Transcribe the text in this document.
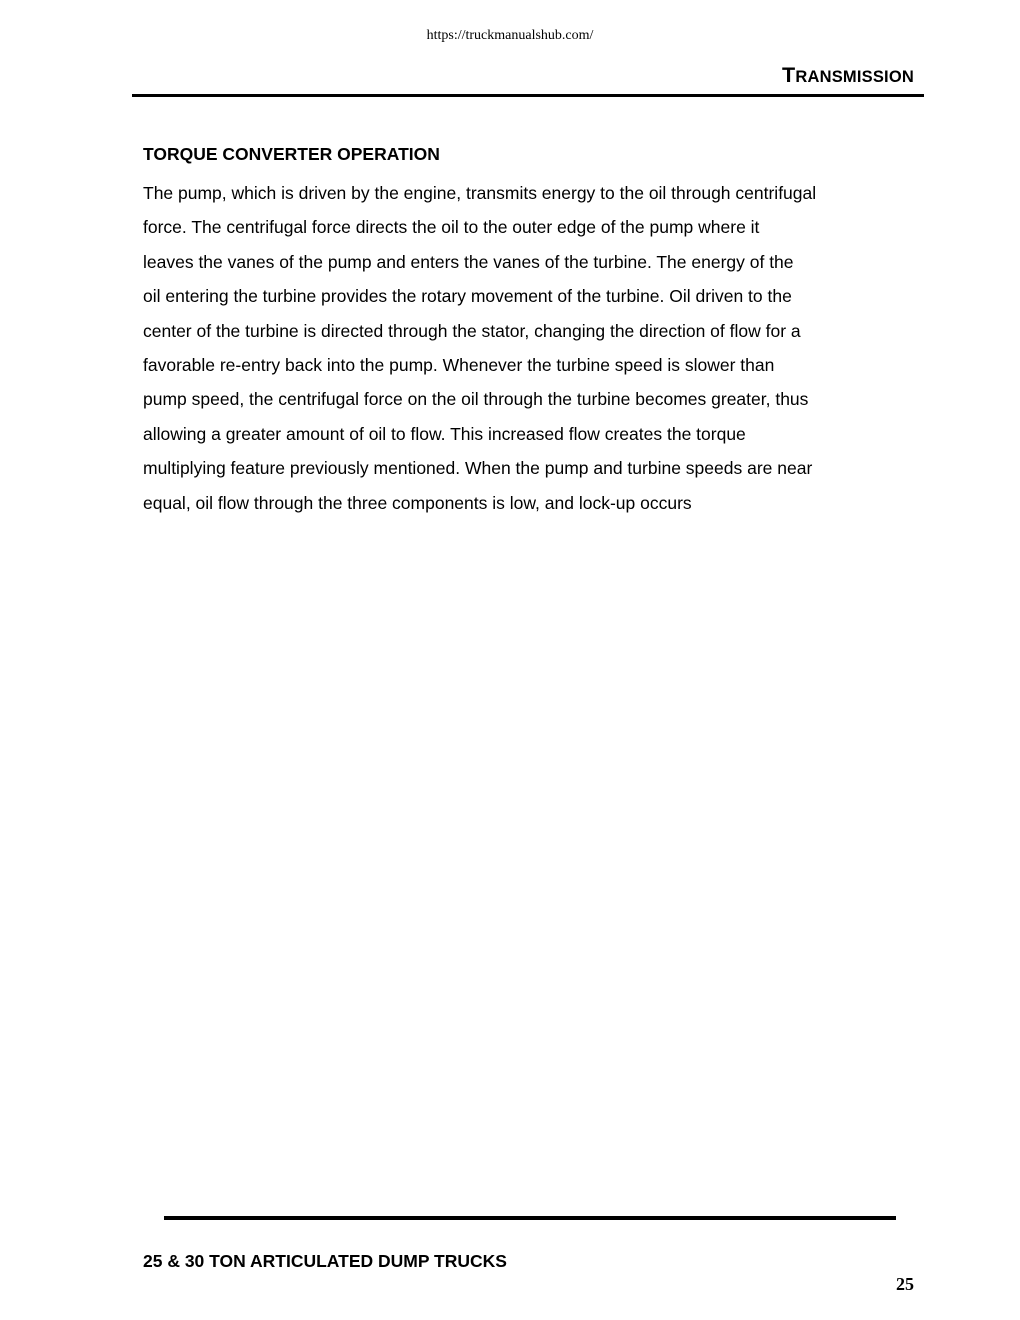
https://truckmanualshub.com/
TRANSMISSION
TORQUE CONVERTER OPERATION
The pump, which is driven by the engine, transmits energy to the oil through centrifugal
force. The centrifugal force directs the oil to the outer edge of the pump where it
leaves the vanes of the pump and enters the vanes of the turbine. The energy of the
oil entering the turbine provides the rotary movement of the turbine. Oil driven to the
center of the turbine is directed through the stator, changing the direction of flow for a
favorable re-entry back into the pump. Whenever the turbine speed is slower than
pump speed, the centrifugal force on the oil through the turbine becomes greater, thus
allowing a greater amount of oil to flow. This increased flow creates the torque
multiplying feature previously mentioned. When the pump and turbine speeds are near
equal, oil flow through the three components is low, and lock-up occurs
25 & 30 TON ARTICULATED DUMP TRUCKS
25
